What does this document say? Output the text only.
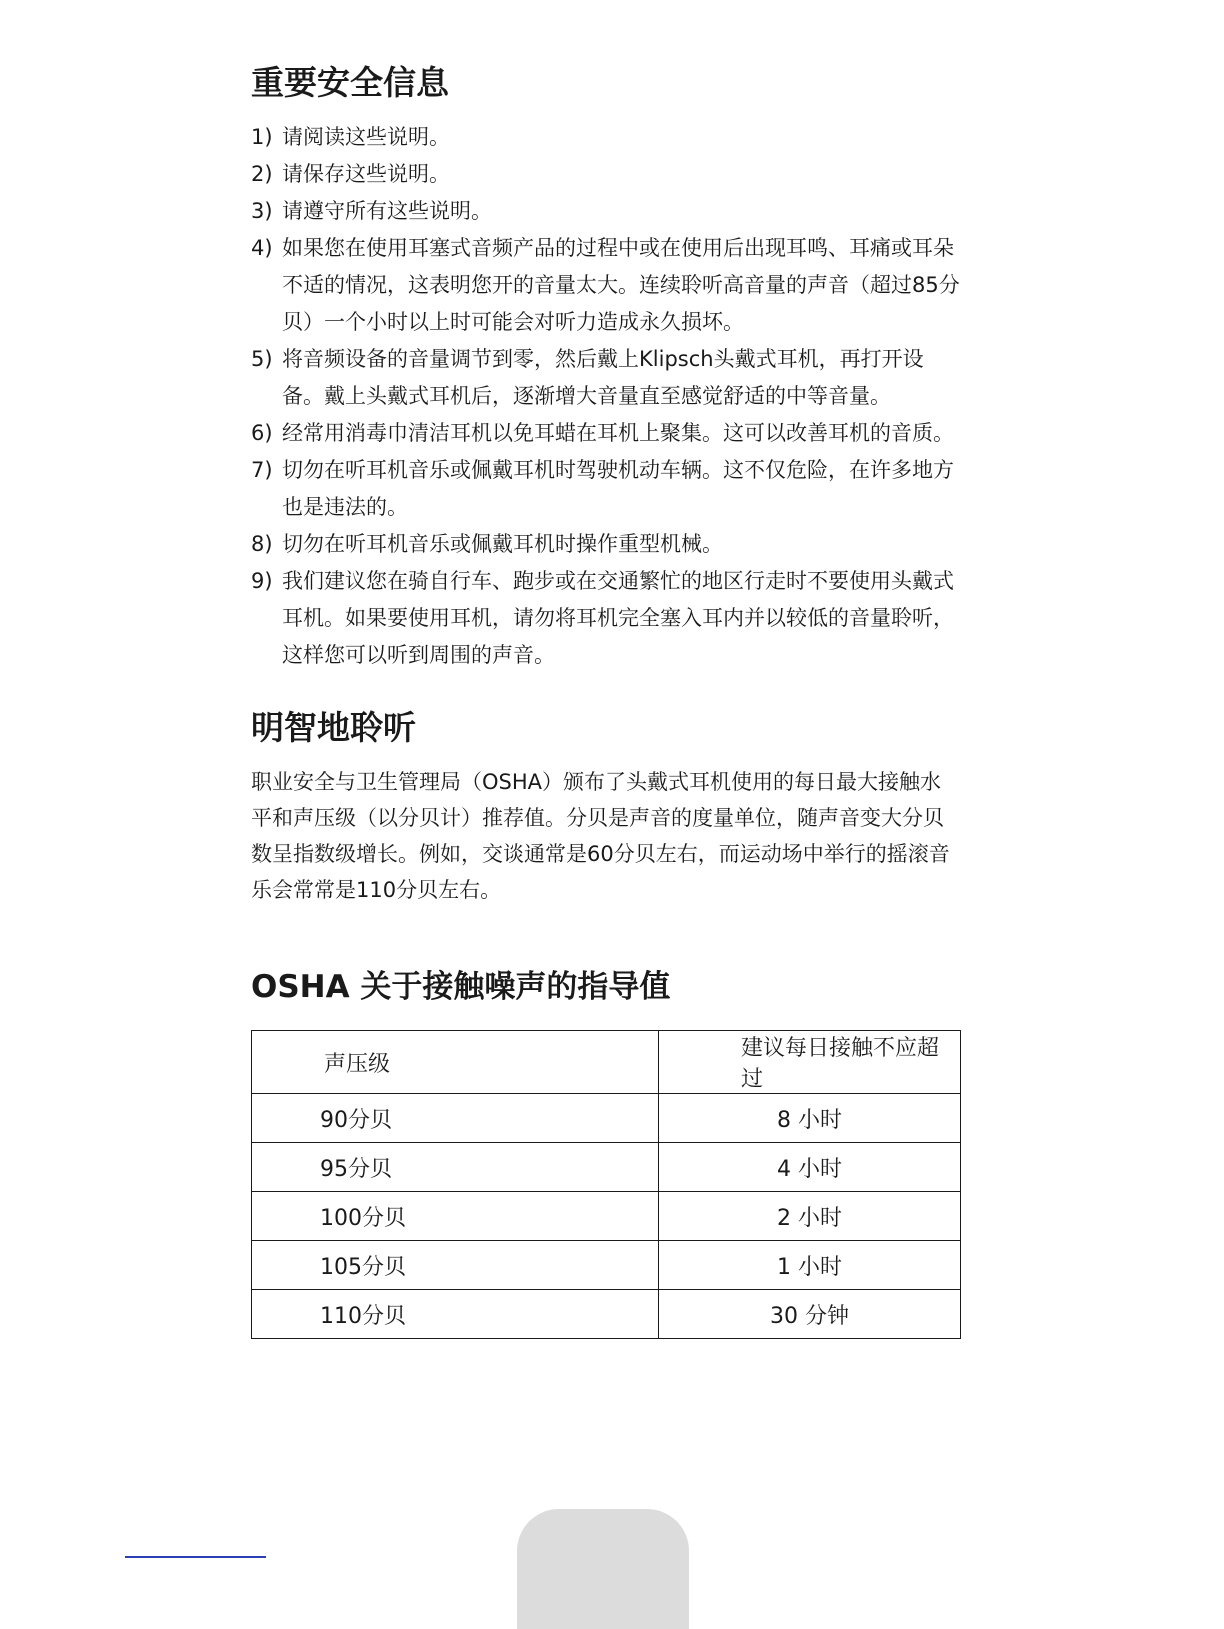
重要安全信息
1) 请阅读这些说明。
2) 请保存这些说明。
3) 请遵守所有这些说明。
4) 如果您在使用耳塞式音频产品的过程中或在使用后出现耳鸣、耳痛或耳朵不适的情况，这表明您开的音量太大。连续聆听高音量的声音（超过85分贝）一个小时以上时可能会对听力造成永久损坏。
5) 将音频设备的音量调节到零，然后戴上Klipsch头戴式耳机，再打开设备。戴上头戴式耳机后，逐渐增大音量直至感觉舒适的中等音量。
6) 经常用消毒巾清洁耳机以免耳蜡在耳机上聚集。这可以改善耳机的音质。
7) 切勿在听耳机音乐或佩戴耳机时驾驶机动车辆。这不仅危险，在许多地方也是违法的。
8) 切勿在听耳机音乐或佩戴耳机时操作重型机械。
9) 我们建议您在骑自行车、跑步或在交通繁忙的地区行走时不要使用头戴式耳机。如果要使用耳机，请勿将耳机完全塞入耳内并以较低的音量聆听，这样您可以听到周围的声音。
明智地聆听

职业安全与卫生管理局（OSHA）颁布了头戴式耳机使用的每日最大接触水平和声压级（以分贝计）推荐值。分贝是声音的度量单位，随声音变大分贝数呈指数级增长。例如，交谈通常是60分贝左右，而运动场中举行的摇滚音乐会常常是110分贝左右。

OSHA 关于接触噪声的指导值
声压级	建议每日接触不应超过
90分贝	8 小时
95分贝	4 小时
100分贝	2 小时
105分贝	1 小时
110分贝	30 分钟
